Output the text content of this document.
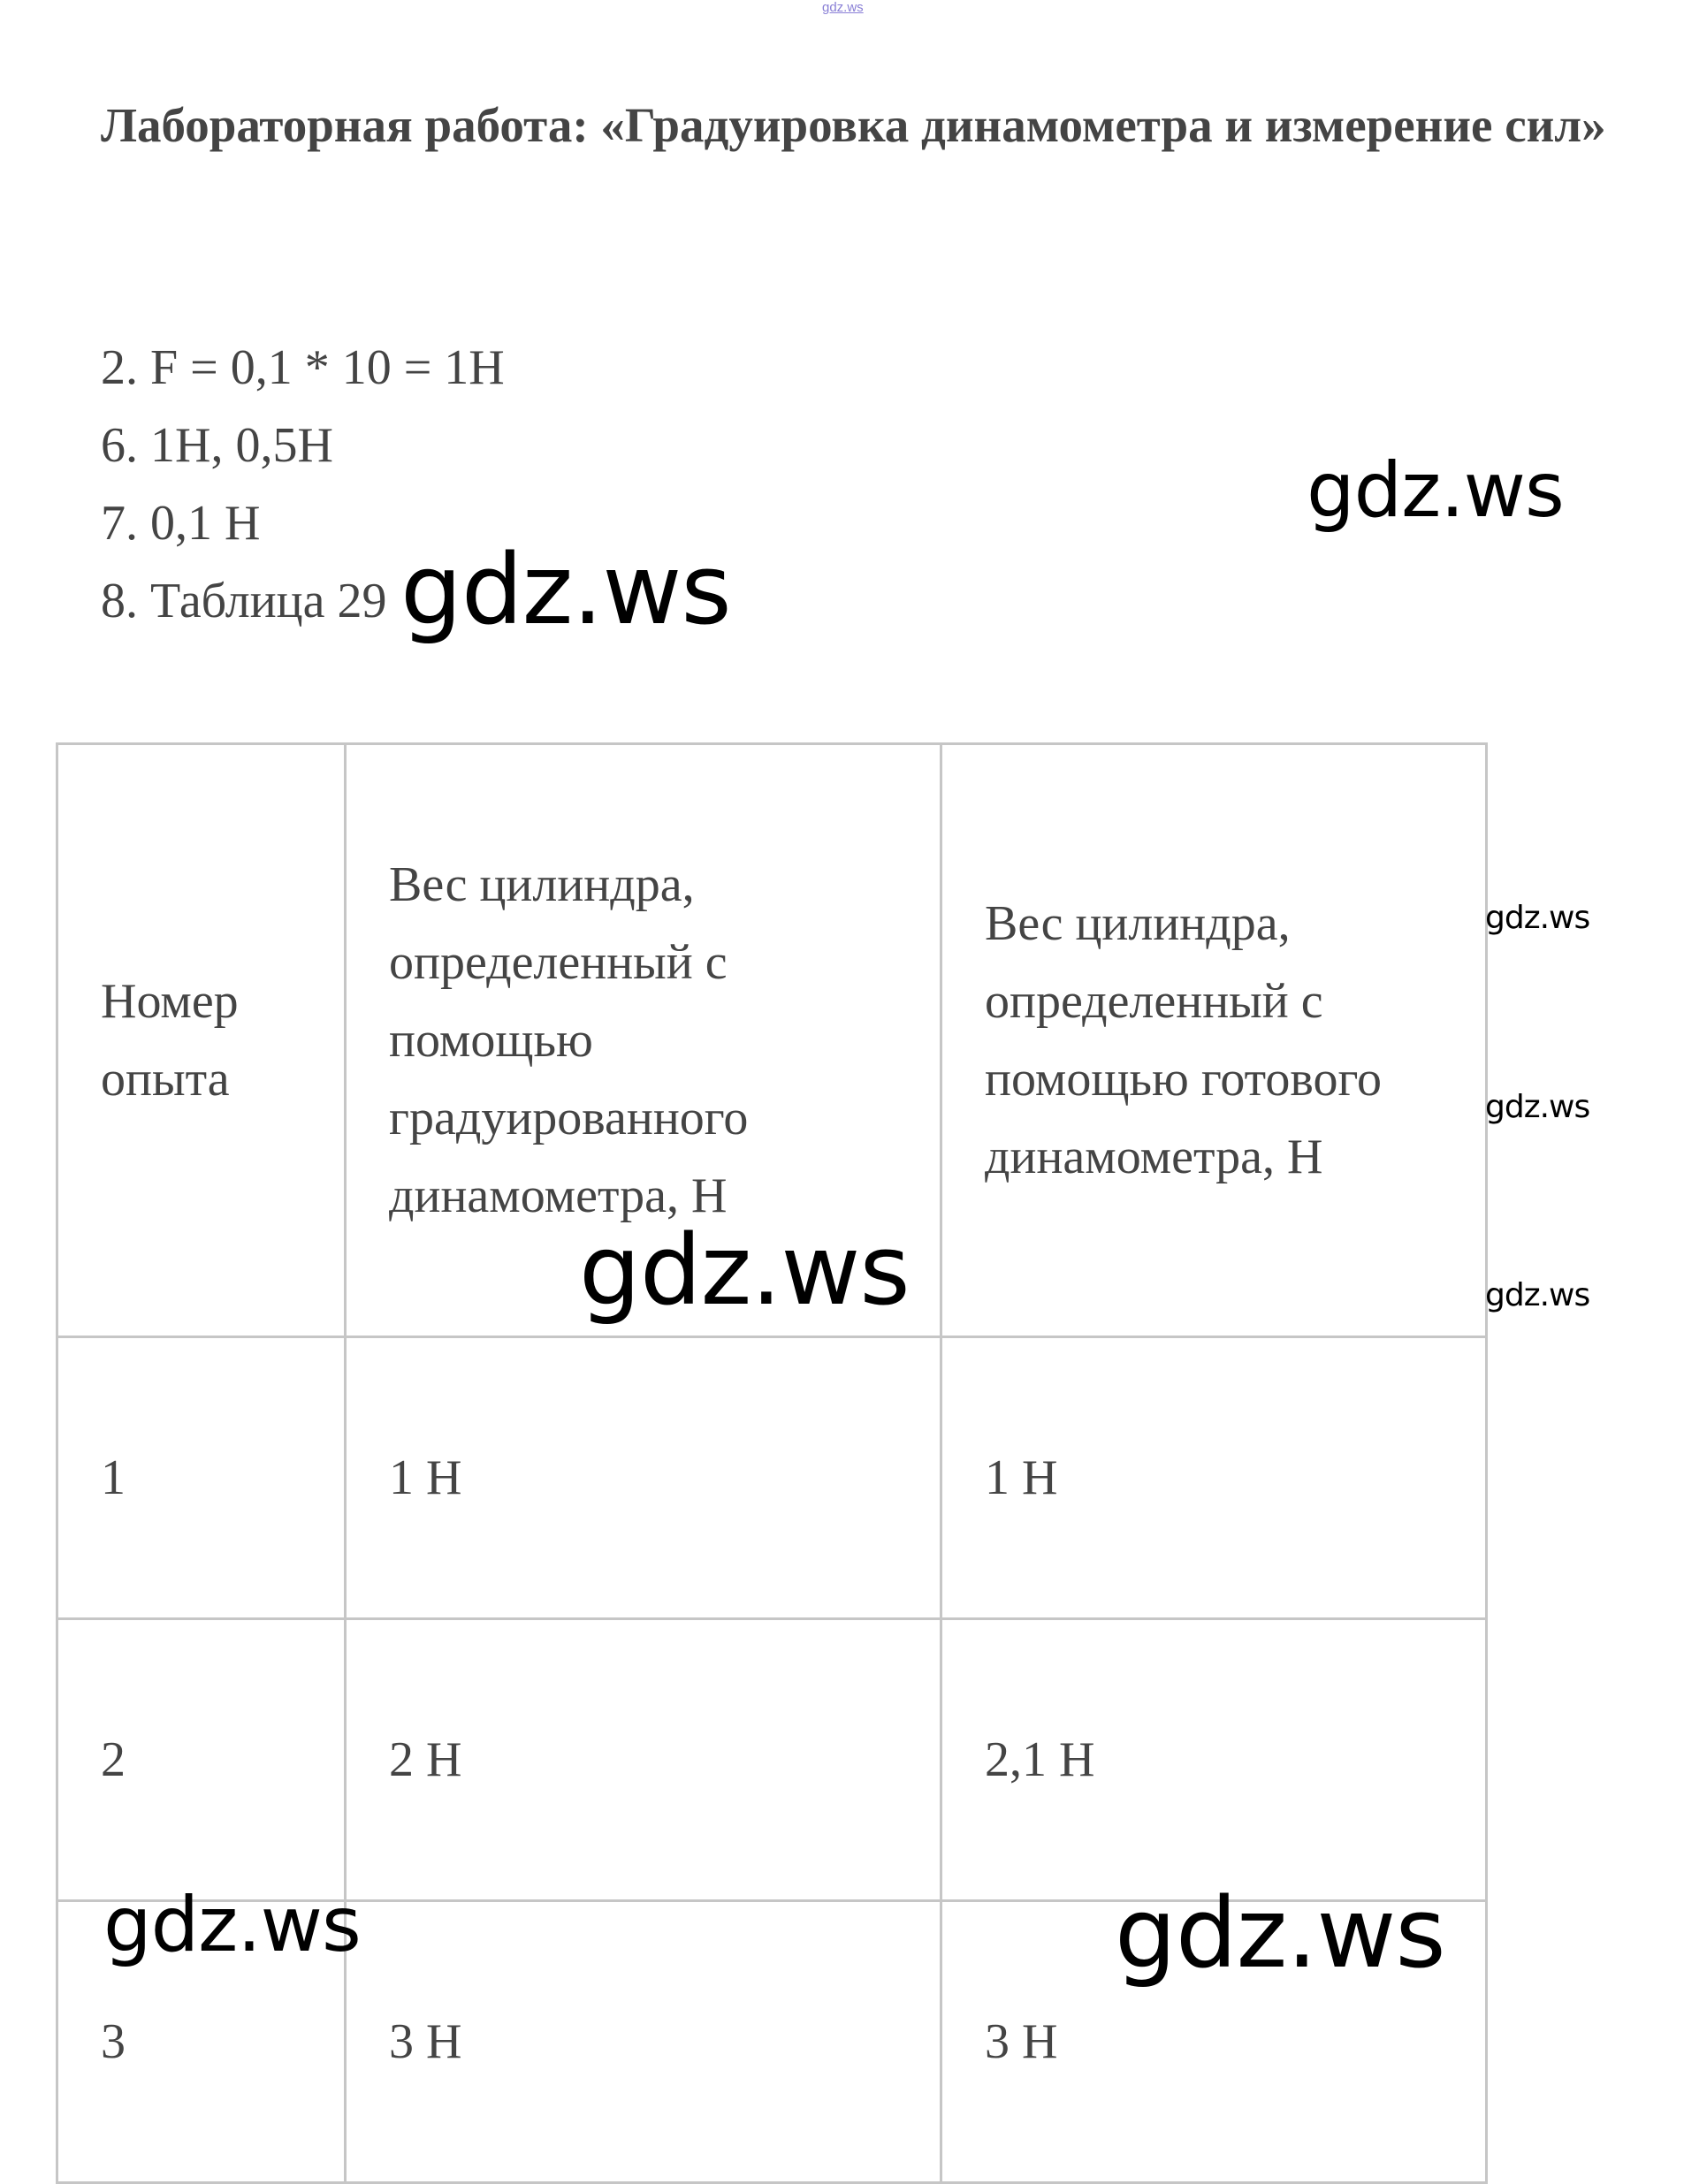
gdz.ws
Лабораторная работа: «Градуировка динамометра и измерение сил»
2. F = 0,1 * 10 = 1Н
6. 1Н, 0,5Н
7. 0,1 Н
8. Таблица 29
Номер опыта	Вес цилиндра, определенный с помощью градуированного динамометра, Н	Вес цилиндра, определенный с помощью готового динамометра, Н
1	1 Н	1 Н
2	2 Н	2,1 Н
3	3 Н	3 Н
gdz.ws
gdz.ws
gdz.ws
gdz.ws
gdz.ws	gdz.ws
gdz.ws	gdz.ws
